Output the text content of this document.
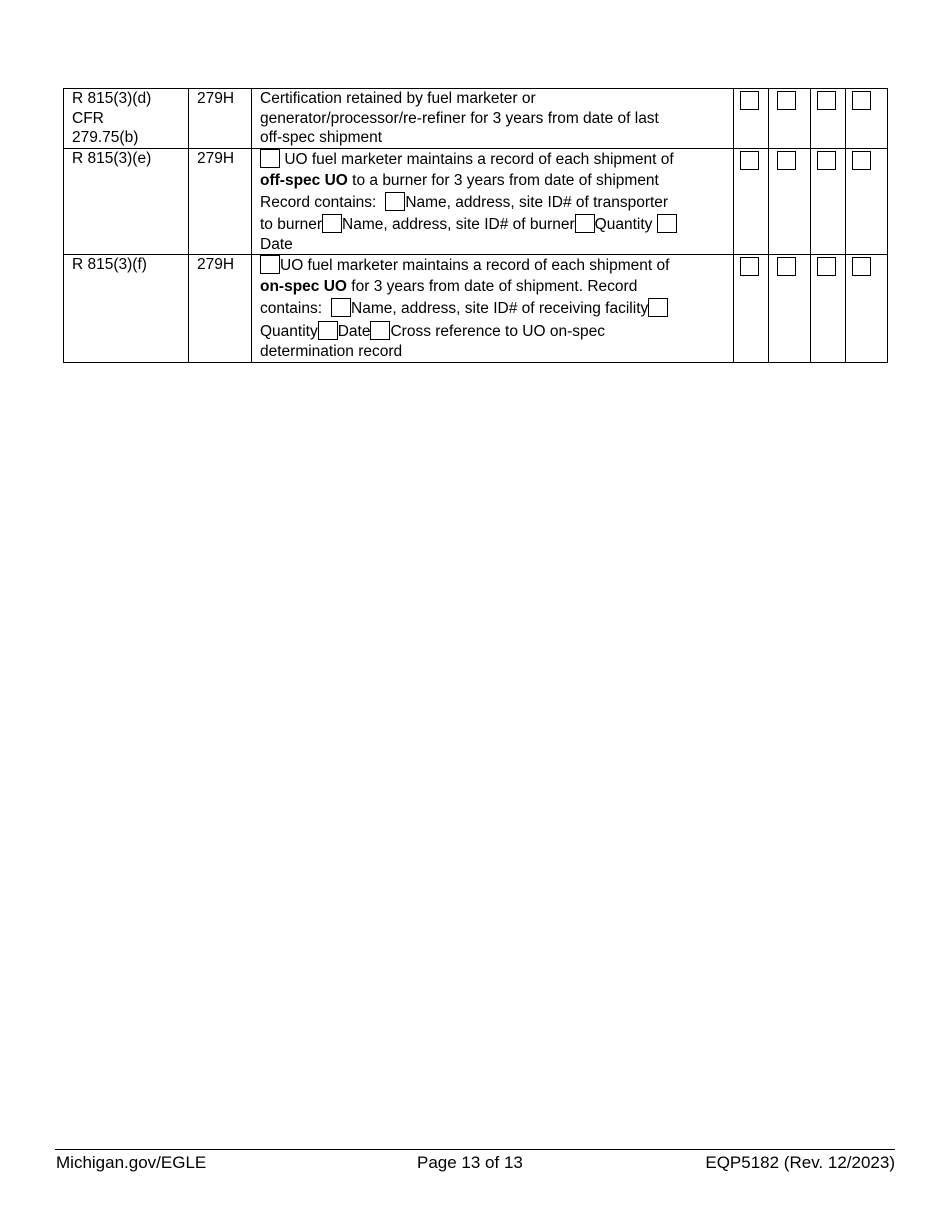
R 815(3)(d)
CFR
279.75(b)	279H	Certification retained by fuel marketer or
generator/processor/re-refiner for 3 years from date of last
off-spec shipment				

R 815(3)(e)	279H	UO fuel marketer maintains a record of each shipment of
off-spec UO to a burner for 3 years from date of shipment
Record contains: Name, address, site ID# of transporter
to burner Name, address, site ID# of burner Quantity
Date				

R 815(3)(f)	279H	UO fuel marketer maintains a record of each shipment of
on-spec UO for 3 years from date of shipment. Record
contains: Name, address, site ID# of receiving facility
Quantity Date Cross reference to UO on-spec
determination record				

Michigan.gov/EGLE	Page 13 of 13	EQP5182 (Rev. 12/2023)
